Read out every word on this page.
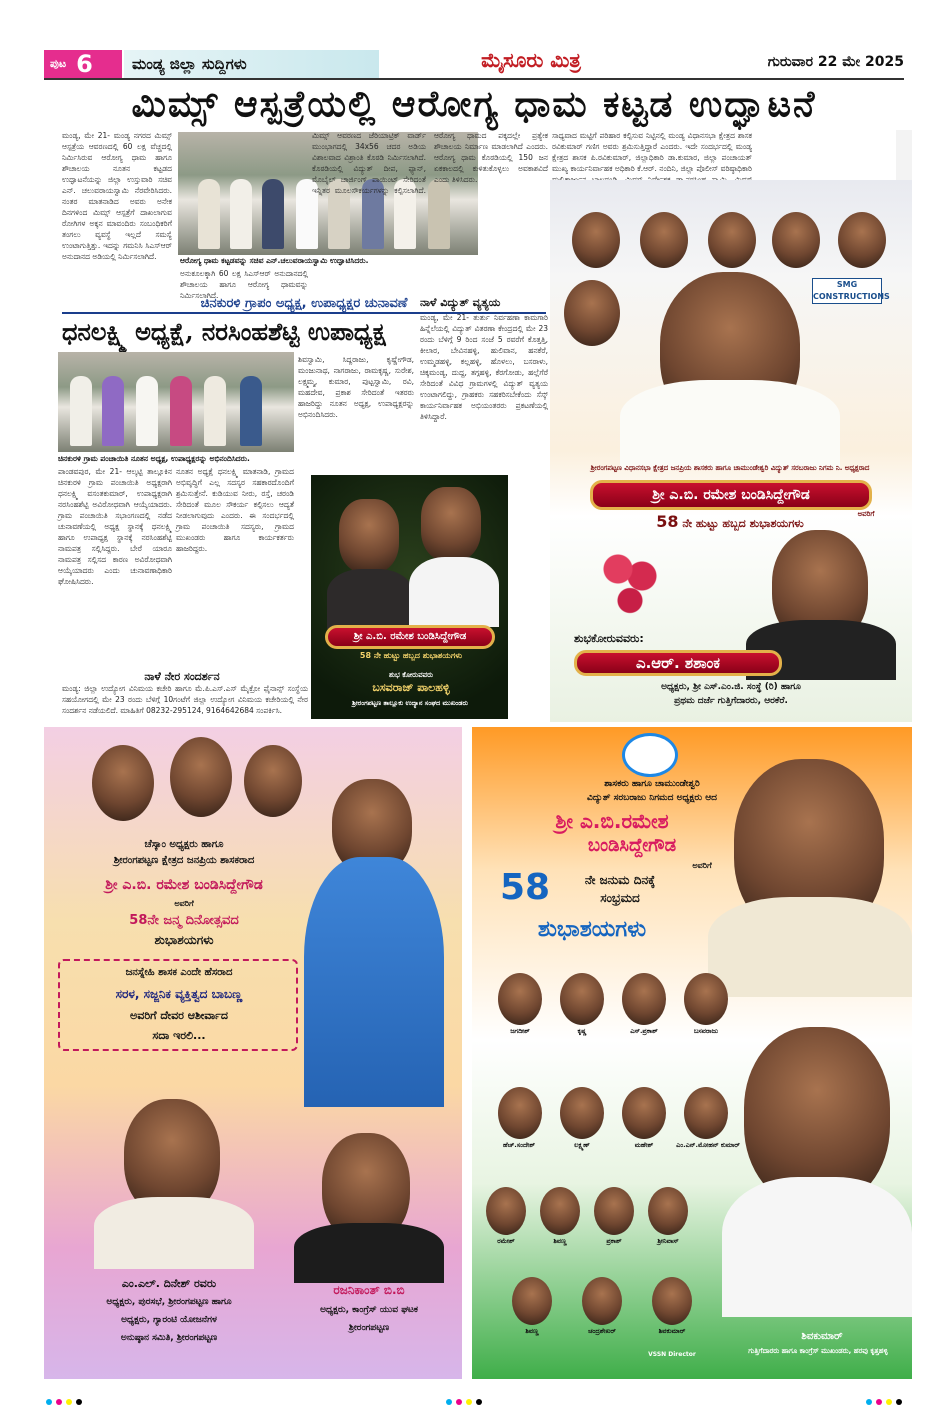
ಪುಟ 6	ಮಂಡ್ಯ ಜಿಲ್ಲಾ ಸುದ್ದಿಗಳು	ಮೈಸೂರು ಮಿತ್ರ	ಗುರುವಾರ 22 ಮೇ 2025
ಮಿಮ್ಸ್ ಆಸ್ಪತ್ರೆಯಲ್ಲಿ ಆರೋಗ್ಯ ಧಾಮ ಕಟ್ಟಡ ಉದ್ಘಾಟನೆ

ಮಂಡ್ಯ, ಮೇ 21- ಮಂಡ್ಯ ನಗರದ ಮಿಮ್ಸ್ ಆಸ್ಪತ್ರೆಯ ಆವರಣದಲ್ಲಿ 60 ಲಕ್ಷ ವೆಚ್ಚದಲ್ಲಿ ನಿರ್ಮಿಸಿರುವ ಆರೋಗ್ಯ ಧಾಮ ಹಾಗೂ ಶೌಚಾಲಯ ನೂತನ ಕಟ್ಟಡದ ಉದ್ಘಾಟನೆಯನ್ನು ಜಿಲ್ಲಾ ಉಸ್ತುವಾರಿ ಸಚಿವ ಎನ್. ಚಲುವರಾಯಸ್ವಾಮಿ ನೆರವೇರಿಸಿದರು. ನಂತರ ಮಾತನಾಡಿದ ಅವರು ಅನೇಕ ದಿನಗಳಿಂದ ಮಿಮ್ಸ್ ಆಸ್ಪತ್ರೆಗೆ ದಾಖಲಾಗುವ ರೋಗಿಗಳ ಅಕ್ಕನ ಮಾವಂದಿರು ಸಂಬಂಧಿಕರಿಗೆ ತಂಗಲು ವ್ಯವಸ್ಥೆ ಇಲ್ಲದೆ ಸಮಸ್ಯೆ ಉಂಟಾಗುತ್ತಿತ್ತು. ಇದನ್ನು ಗಮನಿಸಿ ಸಿಎಸ್ಆರ್ ಅನುದಾನದ ಅಡಿಯಲ್ಲಿ ನಿರ್ಮಿಸಲಾಗಿದೆ.	ಆರೋಗ್ಯ ಧಾಮ ಕಟ್ಟಡವನ್ನು ಸಚಿವ ಎನ್.ಚಲುವರಾಯಸ್ವಾಮಿ ಉದ್ಘಾಟಿಸಿದರು.

ಅನುಕೂಲಕ್ಕಾಗಿ 60 ಲಕ್ಷ ಸಿಎಸ್ಆರ್ ಅನುದಾನದಲ್ಲಿ ಶೌಚಾಲಯ ಹಾಗೂ ಆರೋಗ್ಯ ಧಾಮವನ್ನು ನಿರ್ಮಿಸಲಾಗಿದೆ.

ಮಿಮ್ಸ್ ಆವರಣದ ಜೆರಿಯಾಟ್ರಿಕ್ ವಾರ್ಡ್ ಮುಂಭಾಗದಲ್ಲಿ 34x56 ಚದರ ಅಡಿಯ ವಿಶಾಲವಾದ ವಿಶ್ರಾಂತಿ ಕೊಠಡಿ ನಿರ್ಮಿಸಲಾಗಿದೆ. ಕೊಠಡಿಯಲ್ಲಿ ವಿದ್ಯುತ್ ದೀಪ, ಫ್ಯಾನ್, ಮೊಬೈಲ್ ಚಾರ್ಜಿಂಗ್ ಪಾಯಿಂಟ್ ಸೇರಿದಂತೆ ಇನ್ನಿತರ ಮೂಲಸೌಕರ್ಯಗಳನ್ನು ಕಲ್ಪಿಸಲಾಗಿದೆ. ಆರೋಗ್ಯ ಧಾಮದ ಪಕ್ಕದಲ್ಲೇ ಪ್ರತ್ಯೇಕ ಶೌಚಾಲಯ ನಿರ್ಮಾಣ ಮಾಡಲಾಗಿದೆ ಎಂದರು. ಆರೋಗ್ಯ ಧಾಮ ಕೊಠಡಿಯಲ್ಲಿ 150 ಜನ ಏಕಕಾಲದಲ್ಲಿ ಕುಳಿತುಕೊಳ್ಳಲು ಅವಕಾಶವಿದೆ ಎಂದು ತಿಳಿಸಿದರು.

ಸಾಧ್ಯವಾದ ಮಟ್ಟಿಗೆ ಪರಿಹಾರ ಕಲ್ಪಿಸುವ ನಿಟ್ಟಿನಲ್ಲಿ ಮಂಡ್ಯ ವಿಧಾನಸಭಾ ಕ್ಷೇತ್ರದ ಶಾಸಕ ರವಿಕುಮಾರ್ ಗಣಿಗ ಅವರು ಶ್ರಮಿಸುತ್ತಿದ್ದಾರೆ ಎಂದರು. ಇದೇ ಸಂದರ್ಭದಲ್ಲಿ ಮಂಡ್ಯ ಕ್ಷೇತ್ರದ ಶಾಸಕ ಪಿ.ರವಿಕುಮಾರ್, ಜಿಲ್ಲಾಧಿಕಾರಿ ಡಾ.ಕುಮಾರ, ಜಿಲ್ಲಾ ಪಂಚಾಯತ್ ಮುಖ್ಯ ಕಾರ್ಯನಿರ್ವಾಹಕ ಅಧಿಕಾರಿ ಕೆ.ಆರ್. ನಂದಿನಿ, ಜಿಲ್ಲಾ ಪೊಲೀಸ್ ವರಿಷ್ಠಾಧಿಕಾರಿ

ಚಿನಕುರಳಿ ಗ್ರಾಪಂ ಅಧ್ಯಕ್ಷ, ಉಪಾಧ್ಯಕ್ಷರ ಚುನಾವಣೆ
ಧನಲಕ್ಷ್ಮಿ ಅಧ್ಯಕ್ಷೆ, ನರಸಿಂಹಶೆಟ್ಟಿ ಉಪಾಧ್ಯಕ್ಷ
ಚಿನಕುರಳಿ ಗ್ರಾಮ ಪಂಚಾಯಿತಿ ನೂತನ ಅಧ್ಯಕ್ಷ, ಉಪಾಧ್ಯಕ್ಷರನ್ನು ಅಭಿನಂದಿಸಿದರು.

ಪಾಂಡವಪುರ, ಮೇ 21- ಆಲ್ಕಟ್ಟಿ ತಾಲ್ಲೂಕಿನ ಚಿನಕುರಳಿ ಗ್ರಾಮ ಪಂಚಾಯಿತಿ ಅಧ್ಯಕ್ಷರಾಗಿ ಧನಲಕ್ಷ್ಮಿ ವಸಂತಕುಮಾರ್, ಉಪಾಧ್ಯಕ್ಷರಾಗಿ ನರಸಿಂಹಶೆಟ್ಟಿ ಅವಿರೋಧವಾಗಿ ಆಯ್ಕೆಯಾದರು. ಗ್ರಾಮ ಪಂಚಾಯಿತಿ ಸಭಾಂಗಣದಲ್ಲಿ ನಡೆದ ಚುನಾವಣೆಯಲ್ಲಿ ಅಧ್ಯಕ್ಷ ಸ್ಥಾನಕ್ಕೆ ಧನಲಕ್ಷ್ಮಿ ಹಾಗೂ ಉಪಾಧ್ಯಕ್ಷ ಸ್ಥಾನಕ್ಕೆ ನರಸಿಂಹಶೆಟ್ಟಿ ನಾಮಪತ್ರ ಸಲ್ಲಿಸಿದ್ದರು. ಬೇರೆ ಯಾರೂ ನಾಮಪತ್ರ ಸಲ್ಲಿಸದ ಕಾರಣ ಅವಿರೋಧವಾಗಿ ಆಯ್ಕೆಯಾದರು ಎಂದು ಚುನಾವಣಾಧಿಕಾರಿ ಘೋಷಿಸಿದರು.

ನೂತನ ಅಧ್ಯಕ್ಷೆ ಧನಲಕ್ಷ್ಮಿ ಮಾತನಾಡಿ, ಗ್ರಾಮದ ಅಭಿವೃದ್ಧಿಗೆ ಎಲ್ಲ ಸದಸ್ಯರ ಸಹಕಾರದೊಂದಿಗೆ ಶ್ರಮಿಸುತ್ತೇನೆ. ಕುಡಿಯುವ ನೀರು, ರಸ್ತೆ, ಚರಂಡಿ ಸೇರಿದಂತೆ ಮೂಲ ಸೌಕರ್ಯ ಕಲ್ಪಿಸಲು ಆದ್ಯತೆ ನೀಡಲಾಗುವುದು ಎಂದರು. ಈ ಸಂದರ್ಭದಲ್ಲಿ ಗ್ರಾಮ ಪಂಚಾಯಿತಿ ಸದಸ್ಯರು, ಗ್ರಾಮದ ಮುಖಂಡರು ಹಾಗೂ ಕಾರ್ಯಕರ್ತರು ಹಾಜರಿದ್ದರು.

ಶಿವಸ್ವಾಮಿ, ಸಿದ್ದರಾಜು, ಕೃಷ್ಣೇಗೌಡ, ಮಂಜುನಾಥ, ನಾಗರಾಜು, ರಾಮಕೃಷ್ಣ, ಸುರೇಶ, ಲಕ್ಷ್ಮಮ್ಮ, ಕುಮಾರ, ಪುಟ್ಟಸ್ವಾಮಿ, ರವಿ, ಮಹದೇವ, ಪ್ರಕಾಶ ಸೇರಿದಂತೆ ಇತರರು ಹಾಜರಿದ್ದು ನೂತನ ಅಧ್ಯಕ್ಷ, ಉಪಾಧ್ಯಕ್ಷರನ್ನು ಅಭಿನಂದಿಸಿದರು.

ನಾಳೆ ನೇರ ಸಂದರ್ಶನ

ಮಂಡ್ಯ: ಜಿಲ್ಲಾ ಉದ್ಯೋಗ ವಿನಿಮಯ ಕಚೇರಿ ಹಾಗೂ ಮೆ.ಪಿ.ಎಸ್.ಎಸ್ ಮೈಕ್ರೋ ಫೈನಾನ್ಸ್ ಸಂಸ್ಥೆಯ ಸಹಯೋಗದಲ್ಲಿ ಮೇ 23 ರಂದು ಬೆಳಿಗ್ಗೆ 10ಗಂಟೆಗೆ ಜಿಲ್ಲಾ ಉದ್ಯೋಗ ವಿನಿಮಯ ಕಚೇರಿಯಲ್ಲಿ ನೇರ ಸಂದರ್ಶನ ನಡೆಯಲಿದೆ. ಮಾಹಿತಿಗೆ 08232-295124, 9164642684 ಸಂಪರ್ಕಿಸಿ.

ನಾಳೆ ವಿದ್ಯುತ್ ವ್ಯತ್ಯಯ

ಮಂಡ್ಯ, ಮೇ 21- ತುರ್ತು ನಿರ್ವಹಣಾ ಕಾಮಗಾರಿ ಹಿನ್ನೆಲೆಯಲ್ಲಿ ವಿದ್ಯುತ್ ವಿತರಣಾ ಕೇಂದ್ರದಲ್ಲಿ ಮೇ 23 ರಂದು ಬೆಳಿಗ್ಗೆ 9 ರಿಂದ ಸಂಜೆ 5 ರವರೆಗೆ ಕೊತ್ತತ್ತಿ, ಕೀಲಾರ, ಬೇವಿನಹಳ್ಳಿ, ಹುಲಿವಾನ, ಹನಕೆರೆ, ಉಮ್ಮಡಹಳ್ಳಿ, ಕಲ್ಲಹಳ್ಳಿ, ಹೊಳಲು, ಬಸರಾಳು, ಚಿಕ್ಕಮಂಡ್ಯ, ದುದ್ದ, ತಗ್ಗಹಳ್ಳಿ, ಕೆರಗೋಡು, ಹಲ್ಲೆಗೆರೆ ಸೇರಿದಂತೆ ವಿವಿಧ ಗ್ರಾಮಗಳಲ್ಲಿ ವಿದ್ಯುತ್ ವ್ಯತ್ಯಯ ಉಂಟಾಗಲಿದ್ದು, ಗ್ರಾಹಕರು ಸಹಕರಿಸಬೇಕೆಂದು ಸೆಸ್ಕ್ ಕಾರ್ಯನಿರ್ವಾಹಕ ಅಭಿಯಂತರರು ಪ್ರಕಟಣೆಯಲ್ಲಿ ತಿಳಿಸಿದ್ದಾರೆ.

ಶ್ರೀ ಎ.ಬಿ. ರಮೇಶ ಬಂಡಿಸಿದ್ದೇಗೌಡ
58 ನೇ ಹುಟ್ಟು ಹಬ್ಬದ ಶುಭಾಶಯಗಳು
ಶುಭ ಕೋರುವವರು
ಬಸವರಾಜ್ ಪಾಲಹಳ್ಳಿ
ಶ್ರೀರಂಗಪಟ್ಟಣ ತಾಲ್ಲೂಕು ಉದ್ಯಾನ ಸಂಘದ ಮುಖಂಡರು
SMG CONSTRUCTIONS
ಶ್ರೀರಂಗಪಟ್ಟಣ ವಿಧಾನಸಭಾ ಕ್ಷೇತ್ರದ ಜನಪ್ರಿಯ ಶಾಸಕರು ಹಾಗೂ ಚಾಮುಂಡೇಶ್ವರಿ ವಿದ್ಯುತ್ ಸರಬರಾಜು ನಿಗಮ ನಿ. ಅಧ್ಯಕ್ಷರಾದ
ಶ್ರೀ ಎ.ಬಿ. ರಮೇಶ ಬಂಡಿಸಿದ್ದೇಗೌಡ
ಅವರಿಗೆ
58 ನೇ ಹುಟ್ಟು ಹಬ್ಬದ ಶುಭಾಶಯಗಳು
ಶುಭಕೋರುವವರು:
ಎ.ಆರ್. ಶಶಾಂಕ
ಅಧ್ಯಕ್ಷರು, ಶ್ರೀ ಎಸ್.ಎಂ.ಜಿ. ಸಂಸ್ಥೆ (ರಿ) ಹಾಗೂ
ಪ್ರಥಮ ದರ್ಜೆ ಗುತ್ತಿಗೆದಾರರು, ಆರಕೆರೆ.
ಚೆಸ್ಕಾಂ ಅಧ್ಯಕ್ಷರು ಹಾಗೂ
ಶ್ರೀರಂಗಪಟ್ಟಣ ಕ್ಷೇತ್ರದ ಜನಪ್ರಿಯ ಶಾಸಕರಾದ
ಶ್ರೀ ಎ.ಬಿ. ರಮೇಶ ಬಂಡಿಸಿದ್ದೇಗೌಡ
ಅವರಿಗೆ
58ನೇ ಜನ್ಮ ದಿನೋತ್ಸವದ
ಶುಭಾಶಯಗಳು
ಜನಸ್ನೇಹಿ ಶಾಸಕ ಎಂದೇ ಹೆಸರಾದ
ಸರಳ, ಸಜ್ಜನಿಕ ವ್ಯಕ್ತಿತ್ವದ ಬಾಬಣ್ಣ
ಅವರಿಗೆ ದೇವರ ಆಶೀರ್ವಾದ
ಸದಾ ಇರಲಿ...
ಎಂ.ಎಲ್. ದಿನೇಶ್ ರವರು
ಅಧ್ಯಕ್ಷರು, ಪುರಸಭೆ, ಶ್ರೀರಂಗಪಟ್ಟಣ ಹಾಗೂ
ಅಧ್ಯಕ್ಷರು, ಗ್ಯಾರಂಟಿ ಯೋಜನೆಗಳ
ಅನುಷ್ಠಾನ ಸಮಿತಿ, ಶ್ರೀರಂಗಪಟ್ಟಣ
ರಜನಿಕಾಂತ್ ಬಿ.ಬಿ
ಅಧ್ಯಕ್ಷರು, ಕಾಂಗ್ರೆಸ್ ಯುವ ಘಟಕ
ಶ್ರೀರಂಗಪಟ್ಟಣ
ಶಾಸಕರು ಹಾಗೂ ಚಾಮುಂಡೇಶ್ವರಿ
ವಿದ್ಯುತ್ ಸರಬರಾಜು ನಿಗಮದ ಅಧ್ಯಕ್ಷರು ಆದ
ಶ್ರೀ ಎ.ಬಿ.ರಮೇಶ
ಬಂಡಿಸಿದ್ದೇಗೌಡ
ಅವರಿಗೆ
58	ನೇ ಜನುಮ ದಿನಕ್ಕೆ
ಸಂಭ್ರಮದ
ಶುಭಾಶಯಗಳು
ಜಗದೀಶ್	ಕೃಷ್ಣ	ಎಸ್.ಪ್ರಕಾಶ್	ಬಸವರಾಜು
ಹೆಚ್.ಸಂದೇಶ್	ಲಕ್ಷ್ಮಣ್	ಮಹೇಶ್	ಎಂ.ಎನ್.ಮೋಹನ್ ಕುಮಾರ್
ರಮೇಶ್	ಶಿವಣ್ಣ	ಪ್ರಕಾಶ್	ಶ್ರೀನಿವಾಸ್
ಶಿವಣ್ಣ	ಚಂದ್ರಶೇಖರ್	ಶಿವಕುಮಾರ್
VSSN Director
ಶಿವಕುಮಾರ್
ಗುತ್ತಿಗೆದಾರರು ಹಾಗೂ ಕಾಂಗ್ರೆಸ್ ಮುಖಂಡರು, ಹರವು ಕೃತ್ತಹಳ್ಳಿ
